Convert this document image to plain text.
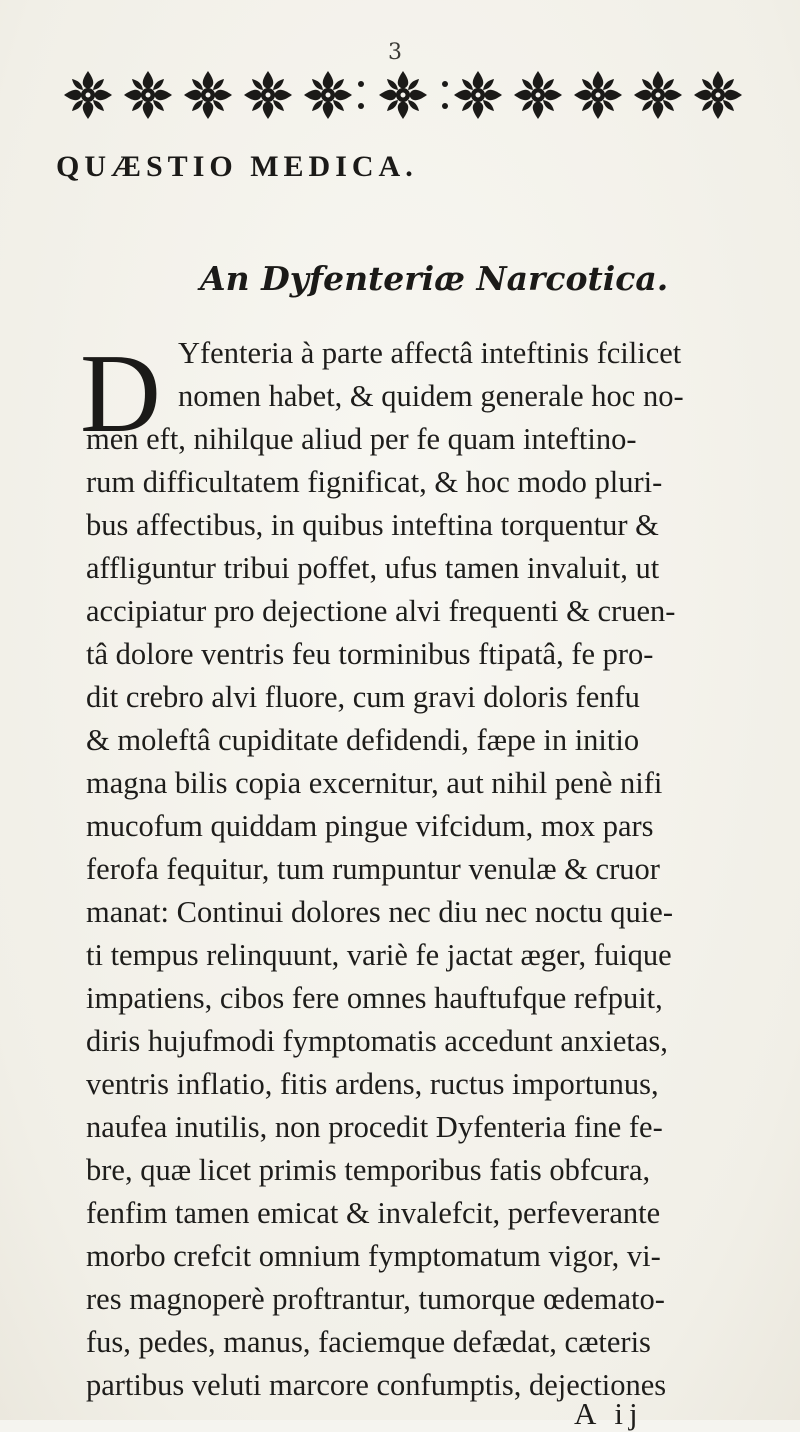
3
QUÆSTIO MEDICA.
An Dyfenteriæ Narcotica.
D Yfenteria à parte affectâ inteftinis fcilicet
nomen habet, & quidem generale hoc no-
men eft, nihilque aliud per fe quam inteftino-
rum difficultatem fignificat, & hoc modo pluri-
bus affectibus, in quibus inteftina torquentur &
affliguntur tribui poffet, ufus tamen invaluit, ut
accipiatur pro dejectione alvi frequenti & cruen-
tâ dolore ventris feu torminibus ftipatâ, fe pro-
dit crebro alvi fluore, cum gravi doloris fenfu
& moleftâ cupiditate defidendi, fæpe in initio
magna bilis copia excernitur, aut nihil penè nifi
mucofum quiddam pingue vifcidum, mox pars
ferofa fequitur, tum rumpuntur venulæ & cruor
manat: Continui dolores nec diu nec noctu quie-
ti tempus relinquunt, variè fe jactat æger, fuique
impatiens, cibos fere omnes hauftufque refpuit,
diris hujufmodi fymptomatis accedunt anxietas,
ventris inflatio, fitis ardens, ructus importunus,
naufea inutilis, non procedit Dyfenteria fine fe-
bre, quæ licet primis temporibus fatis obfcura,
fenfim tamen emicat & invalefcit, perfeverante
morbo crefcit omnium fymptomatum vigor, vi-
res magnoperè proftrantur, tumorque œdemato-
fus, pedes, manus, faciemque defædat, cæteris
partibus veluti marcore confumptis, dejectiones
A ij
